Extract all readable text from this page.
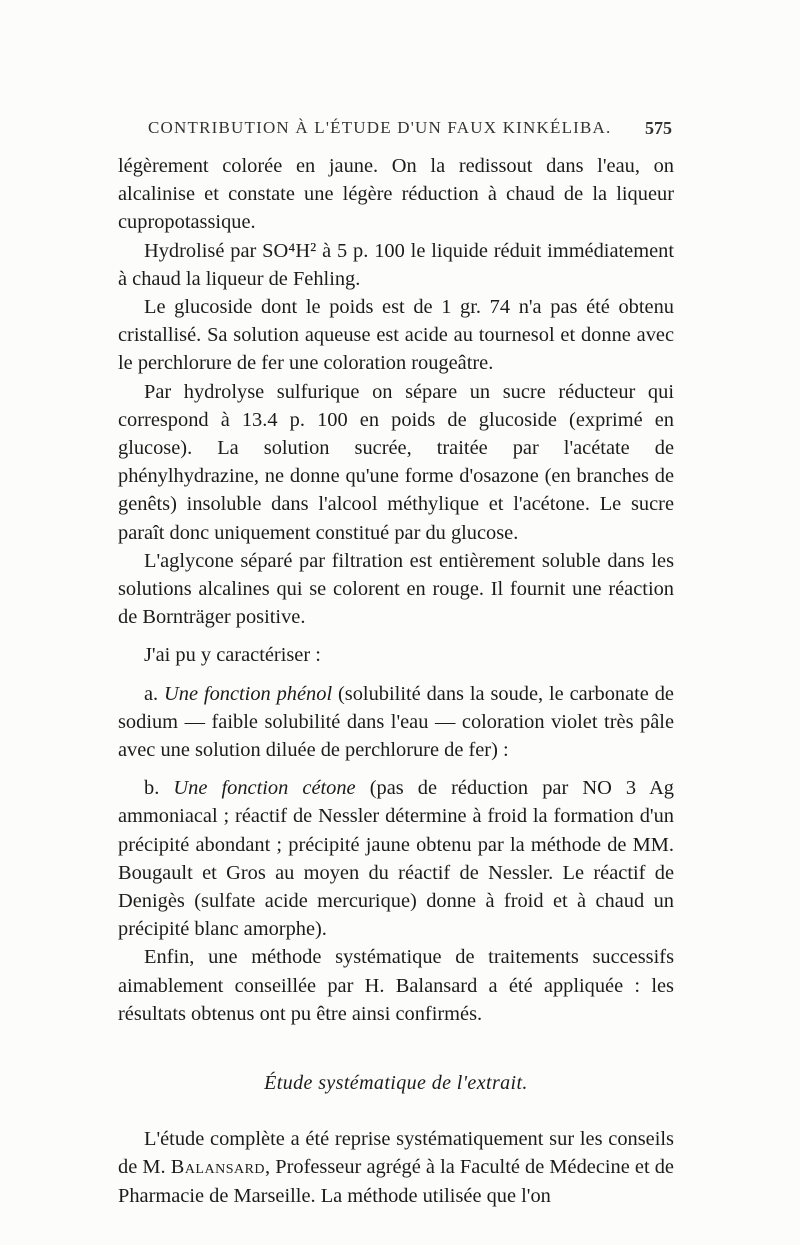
CONTRIBUTION À L'ÉTUDE D'UN FAUX KINKÉLIBA. 575

légèrement colorée en jaune. On la redissout dans l'eau, on alcalinise et constate une légère réduction à chaud de la liqueur cupropotassique.

Hydrolisé par SO⁴H² à 5 p. 100 le liquide réduit immédiatement à chaud la liqueur de Fehling.

Le glucoside dont le poids est de 1 gr. 74 n'a pas été obtenu cristallisé. Sa solution aqueuse est acide au tournesol et donne avec le perchlorure de fer une coloration rougeâtre.

Par hydrolyse sulfurique on sépare un sucre réducteur qui correspond à 13.4 p. 100 en poids de glucoside (exprimé en glucose). La solution sucrée, traitée par l'acétate de phénylhydrazine, ne donne qu'une forme d'osazone (en branches de genêts) insoluble dans l'alcool méthylique et l'acétone. Le sucre paraît donc uniquement constitué par du glucose.

L'aglycone séparé par filtration est entièrement soluble dans les solutions alcalines qui se colorent en rouge. Il fournit une réaction de Bornträger positive.

J'ai pu y caractériser :

a. Une fonction phénol (solubilité dans la soude, le carbonate de sodium — faible solubilité dans l'eau — coloration violet très pâle avec une solution diluée de perchlorure de fer) :

b. Une fonction cétone (pas de réduction par NO 3 Ag ammoniacal ; réactif de Nessler détermine à froid la formation d'un précipité abondant ; précipité jaune obtenu par la méthode de MM. Bougault et Gros au moyen du réactif de Nessler. Le réactif de Denigès (sulfate acide mercurique) donne à froid et à chaud un précipité blanc amorphe).

Enfin, une méthode systématique de traitements successifs aimablement conseillée par H. Balansard a été appliquée : les résultats obtenus ont pu être ainsi confirmés.

Étude systématique de l'extrait.

L'étude complète a été reprise systématiquement sur les conseils de M. Balansard, Professeur agrégé à la Faculté de Médecine et de Pharmacie de Marseille. La méthode utilisée que l'on
